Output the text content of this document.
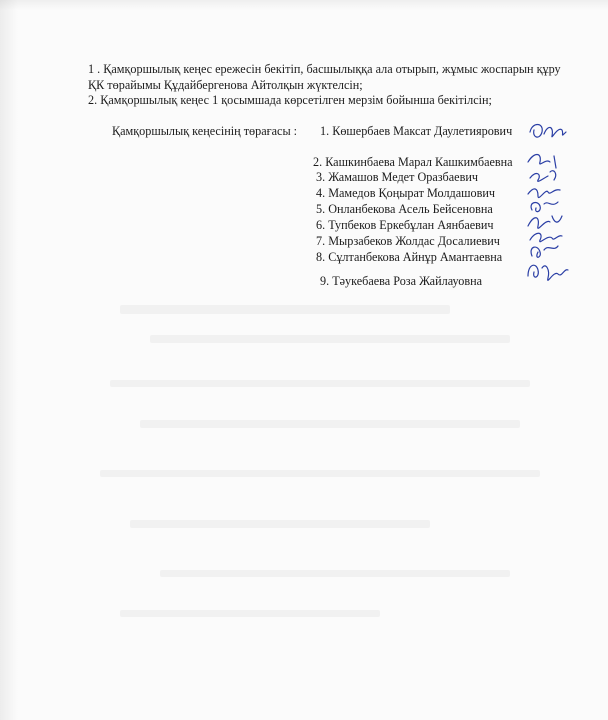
1 . Қамқоршылық кеңес ережесін бекітіп, басшылыққа ала отырып, жұмыс жоспарын құру ҚК төрайымы Құдайбергенова Айтолқын жүктелсін;

2. Қамқоршылық кеңес 1 қосымшада көрсетілген мерзім бойынша бекітілсін;

Қамқоршылық кеңесінің төрағасы : 1. Көшербаев Максат Даулетиярович
2. Кашкинбаева Марал Кашкимбаевна
3. Жамашов Медет Оразбаевич
4. Мамедов Қоңырат Молдашович
5. Онланбекова Асель Бейсеновна
6. Тупбеков Еркебұлан Аянбаевич
7. Мырзабеков Жолдас Досалиевич
8. Сұлтанбекова Айнұр Амантаевна
9. Тәукебаева Роза Жайлауовна
